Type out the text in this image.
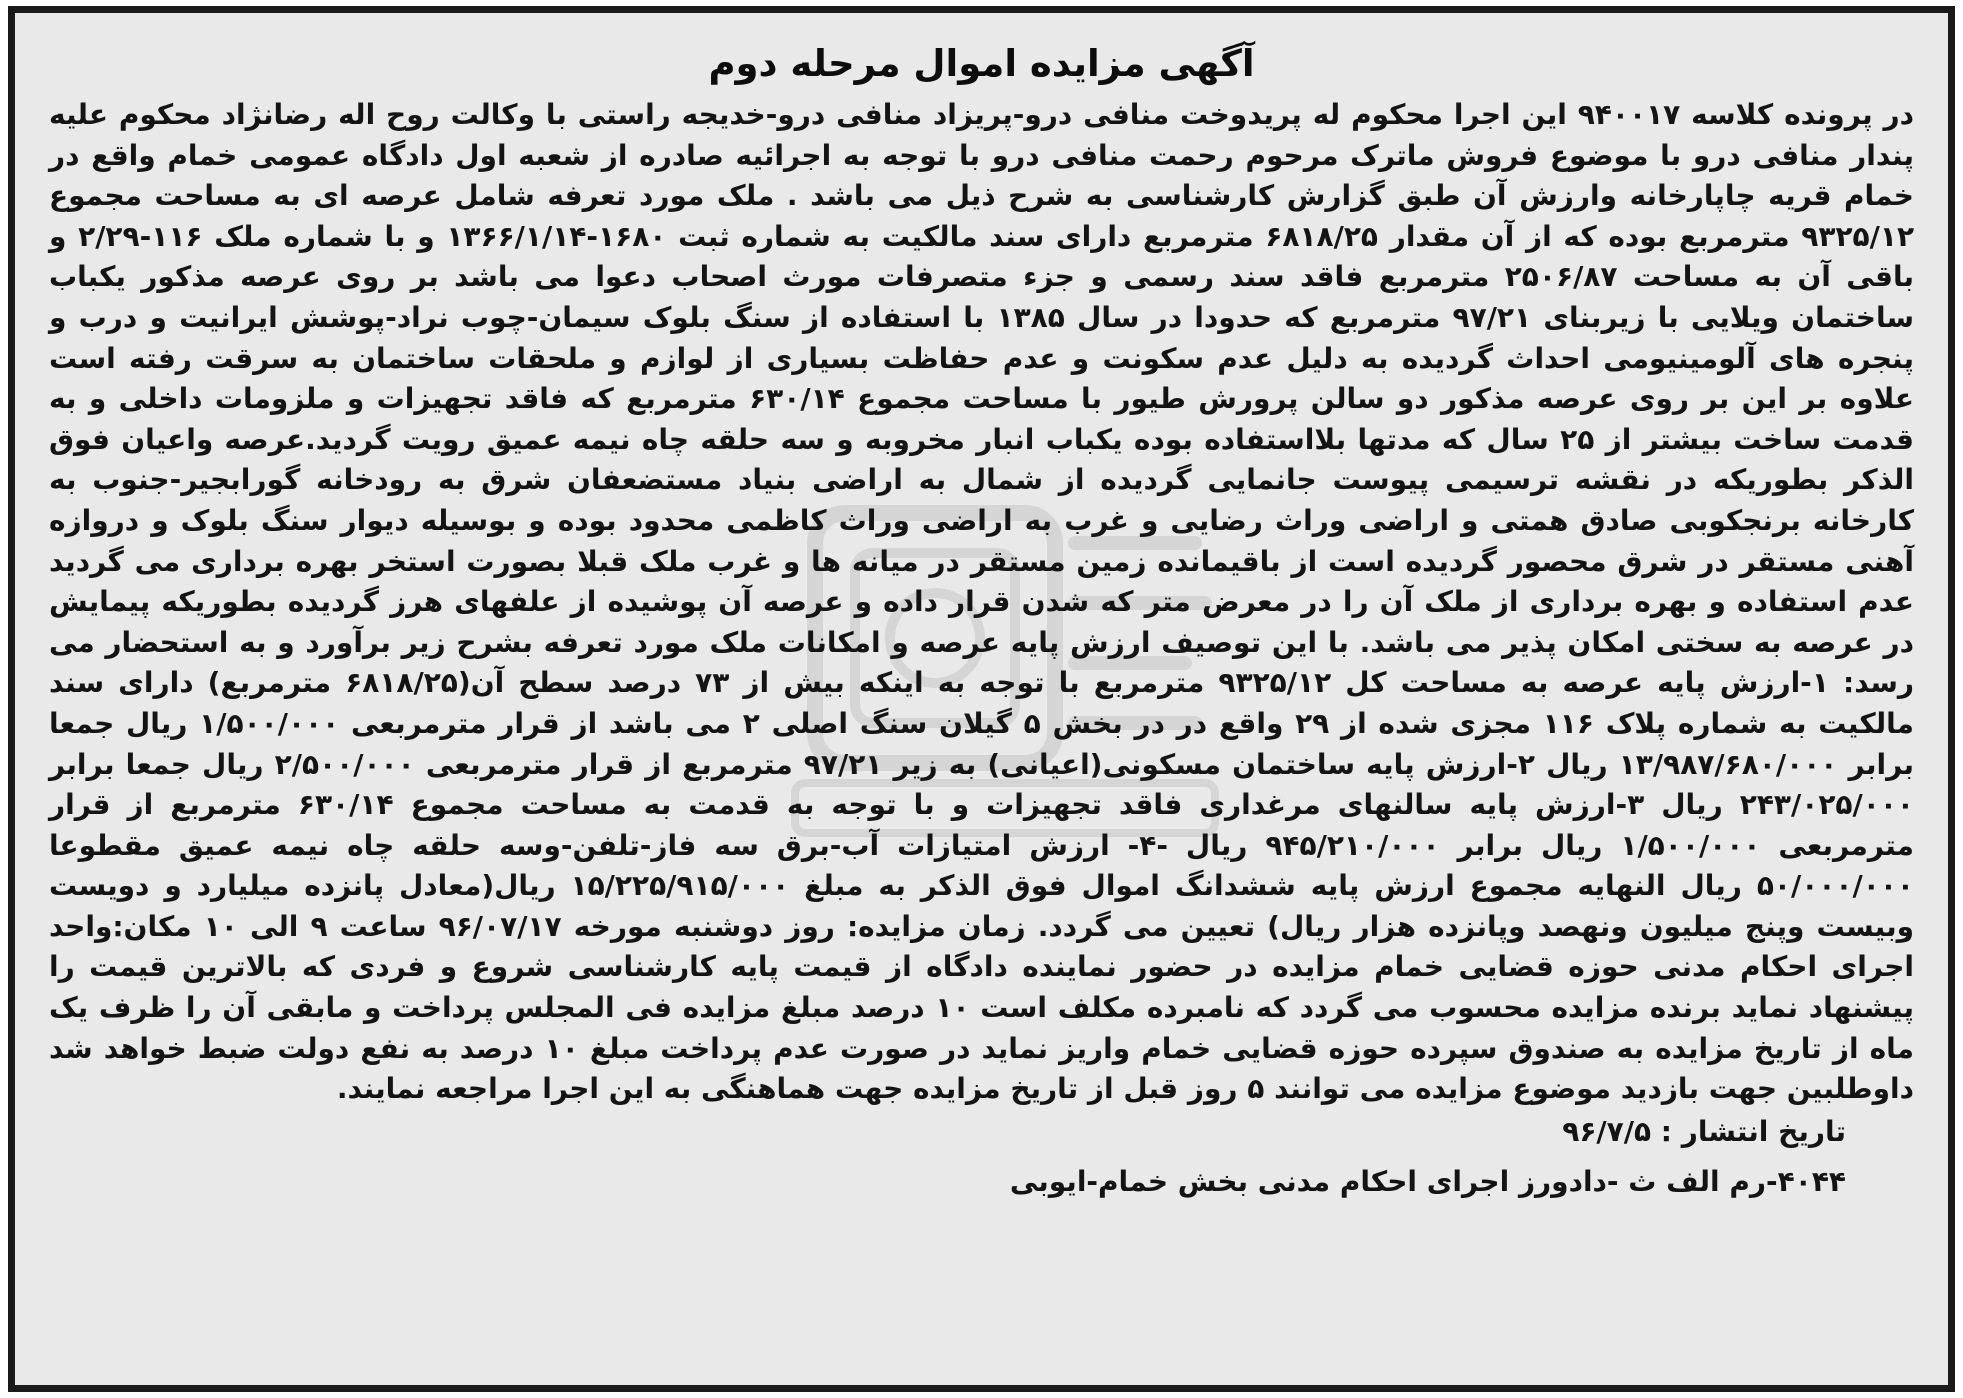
آگهی مزایده اموال مرحله دوم

در پرونده کلاسه ۹۴۰۰۱۷ این اجرا محکوم له پریدوخت منافی درو-پریزاد منافی درو-خدیجه راستی با وکالت روح اله رضانژاد محکوم علیه پندار منافی درو با موضوع فروش ماترک مرحوم رحمت منافی درو با توجه به اجرائیه صادره از شعبه اول دادگاه عمومی خمام واقع در خمام قریه چاپارخانه وارزش آن طبق گزارش کارشناسی به شرح ذیل می باشد . ملک مورد تعرفه شامل عرصه ای به مساحت مجموع ۹۳۲۵/۱۲ مترمربع بوده که از آن مقدار ۶۸۱۸/۲۵ مترمربع دارای سند مالکیت به شماره ثبت ۱۶۸۰-۱۳۶۶/۱/۱۴ و با شماره ملک ۱۱۶-۲/۲۹ و باقی آن به مساحت ۲۵۰۶/۸۷ مترمربع فاقد سند رسمی و جزء متصرفات مورث اصحاب دعوا می باشد بر روی عرصه مذکور یکباب ساختمان ویلایی با زیربنای ۹۷/۲۱ مترمربع که حدودا در سال ۱۳۸۵ با استفاده از سنگ بلوک سیمان-چوب نراد-پوشش ایرانیت و درب و پنجره های آلومینیومی احداث گردیده به دلیل عدم سکونت و عدم حفاظت بسیاری از لوازم و ملحقات ساختمان به سرقت رفته است علاوه بر این بر روی عرصه مذکور دو سالن پرورش طیور با مساحت مجموع ۶۳۰/۱۴ مترمربع که فاقد تجهیزات و ملزومات داخلی و به قدمت ساخت بیشتر از ۲۵ سال که مدتها بلااستفاده بوده یکباب انبار مخروبه و سه حلقه چاه نیمه عمیق رویت گردید.عرصه واعیان فوق الذکر بطوریکه در نقشه ترسیمی پیوست جانمایی گردیده از شمال به اراضی بنیاد مستضعفان شرق به رودخانه گورابجیر-جنوب به کارخانه برنجکوبی صادق همتی و اراضی وراث رضایی و غرب به اراضی وراث کاظمی محدود بوده و بوسیله دیوار سنگ بلوک و دروازه آهنی مستقر در شرق محصور گردیده است از باقیمانده زمین مستقر در میانه ها و غرب ملک قبلا بصورت استخر بهره برداری می گردید عدم استفاده و بهره برداری از ملک آن را در معرض متر که شدن قرار داده و عرصه آن پوشیده از علفهای هرز گردیده بطوریکه پیمایش در عرصه به سختی امکان پذیر می باشد. با این توصیف ارزش پایه عرصه و امکانات ملک مورد تعرفه بشرح زیر برآورد و به استحضار می رسد: ۱-ارزش پایه عرصه به مساحت کل ۹۳۲۵/۱۲ مترمربع با توجه به اینکه بیش از ۷۳ درصد سطح آن(۶۸۱۸/۲۵ مترمربع) دارای سند مالکیت به شماره پلاک ۱۱۶ مجزی شده از ۲۹ واقع در در بخش ۵ گیلان سنگ اصلی ۲ می باشد از قرار مترمربعی ۱/۵۰۰/۰۰۰ ریال جمعا برابر ۱۳/۹۸۷/۶۸۰/۰۰۰ ریال ۲-ارزش پایه ساختمان مسکونی(اعیانی) به زیر ۹۷/۲۱ مترمربع از قرار مترمربعی ۲/۵۰۰/۰۰۰ ریال جمعا برابر ۲۴۳/۰۲۵/۰۰۰ ریال ۳-ارزش پایه سالنهای مرغداری فاقد تجهیزات و با توجه به قدمت به مساحت مجموع ۶۳۰/۱۴ مترمربع از قرار مترمربعی ۱/۵۰۰/۰۰۰ ریال برابر ۹۴۵/۲۱۰/۰۰۰ ریال -۴- ارزش امتیازات آب-برق سه فاز-تلفن-وسه حلقه چاه نیمه عمیق مقطوعا ۵۰/۰۰۰/۰۰۰ ریال النهایه مجموع ارزش پایه ششدانگ اموال فوق الذکر به مبلغ ۱۵/۲۲۵/۹۱۵/۰۰۰ ریال(معادل پانزده میلیارد و دویست وبیست وپنج میلیون ونهصد وپانزده هزار ریال) تعیین می گردد. زمان مزایده: روز دوشنبه مورخه ۹۶/۰۷/۱۷ ساعت ۹ الی ۱۰ مکان:واحد اجرای احکام مدنی حوزه قضایی خمام مزایده در حضور نماینده دادگاه از قیمت پایه کارشناسی شروع و فردی که بالاترین قیمت را پیشنهاد نماید برنده مزایده محسوب می گردد که نامبرده مکلف است ۱۰ درصد مبلغ مزایده فی المجلس پرداخت و مابقی آن را ظرف یک ماه از تاریخ مزایده به صندوق سپرده حوزه قضایی خمام واریز نماید در صورت عدم پرداخت مبلغ ۱۰ درصد به نفع دولت ضبط خواهد شد داوطلبین جهت بازدید موضوع مزایده می توانند ۵ روز قبل از تاریخ مزایده جهت هماهنگی به این اجرا مراجعه نمایند.

تاریخ انتشار : ۹۶/۷/۵
۴۰۴۴-رم الف ث -دادورز اجرای احکام مدنی بخش خمام-ایوبی
